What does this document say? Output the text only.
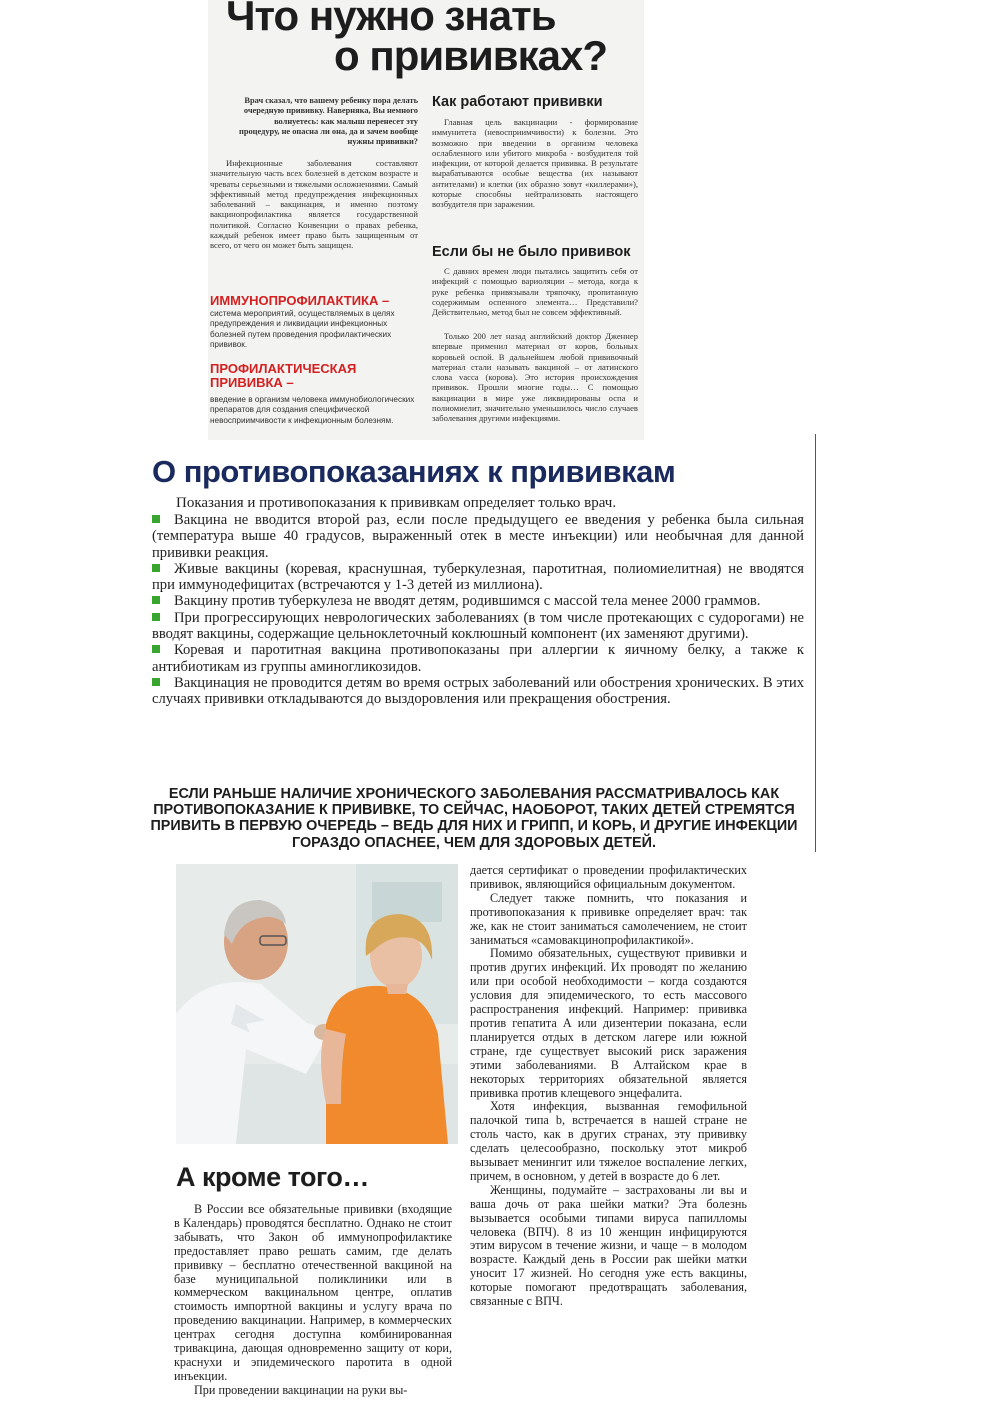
Что нужно знать
о прививках?
Врач сказал, что вашему ребенку пора делать очередную прививку. Наверняка, Вы немного волнуетесь: как малыш перенесет эту процедуру, не опасна ли она, да и зачем вообще нужны прививки?
Инфекционные заболевания составляют значительную часть всех болезней в детском возрасте и чреваты серьезными и тяжелыми осложнениями. Самый эффективный метод предупреждения инфекционных заболеваний – вакцинация, и именно поэтому вакцинопрофилактика является государственной политикой. Согласно Конвенции о правах ребенка, каждый ребенок имеет право быть защищенным от всего, от чего он может быть защищен.
ИММУНОПРОФИЛАКТИКА –
система мероприятий, осуществляемых в целях предупреждения и ликвидации инфекционных болезней путем проведения профилактических прививок.
ПРОФИЛАКТИЧЕСКАЯ ПРИВИВКА –
введение в организм человека иммунобиологических препаратов для создания специфической невосприимчивости к инфекционным болезням.
Как работают прививки
Главная цель вакцинации - формирование иммунитета (невосприимчивости) к болезни. Это возможно при введении в организм человека ослабленного или убитого микроба - возбудителя той инфекции, от которой делается прививка. В результате вырабатываются особые вещества (их называют антителами) и клетки (их образно зовут «киллерами»), которые способны нейтрализовать настоящего возбудителя при заражении.
Если бы не было прививок
С давних времен люди пытались защитить себя от инфекций с помощью вариоляции – метода, когда к руке ребенка привязывали тряпочку, пропитанную содержимым оспенного элемента… Представили? Действительно, метод был не совсем эффективный.
Только 200 лет назад английский доктор Дженнер впервые применил материал от коров, больных коровьей оспой. В дальнейшем любой прививочный материал стали называть вакциной – от латинского слова vacca (корова). Это история происхождения прививок. Прошли многие годы… С помощью вакцинации в мире уже ликвидированы оспа и полиомиелит, значительно уменьшилось число случаев заболевания другими инфекциями.
О противопоказаниях к прививкам
Показания и противопоказания к прививкам определяет только врач.
Вакцина не вводится второй раз, если после предыдущего ее введения у ребенка была сильная (температура выше 40 градусов, выраженный отек в месте инъекции) или необычная для данной прививки реакция.
Живые вакцины (коревая, краснушная, туберкулезная, паротитная, полиомиелитная) не вводятся при иммунодефицитах (встречаются у 1-3 детей из миллиона).
Вакцину против туберкулеза не вводят детям, родившимся с массой тела менее 2000 граммов.
При прогрессирующих неврологических заболеваниях (в том числе протекающих с судорогами) не вводят вакцины, содержащие цельноклеточный коклюшный компонент (их заменяют другими).
Коревая и паротитная вакцина противопоказаны при аллергии к яичному белку, а также к антибиотикам из группы аминогликозидов.
Вакцинация не проводится детям во время острых заболеваний или обострения хронических. В этих случаях прививки откладываются до выздоровления или прекращения обострения.
ЕСЛИ РАНЬШЕ НАЛИЧИЕ ХРОНИЧЕСКОГО ЗАБОЛЕВАНИЯ РАССМАТРИВАЛОСЬ КАК ПРОТИВОПОКАЗАНИЕ К ПРИВИВКЕ, ТО СЕЙЧАС, НАОБОРОТ, ТАКИХ ДЕТЕЙ СТРЕМЯТСЯ ПРИВИТЬ В ПЕРВУЮ ОЧЕРЕДЬ – ВЕДЬ ДЛЯ НИХ И ГРИПП, И КОРЬ, И ДРУГИЕ ИНФЕКЦИИ ГОРАЗДО ОПАСНЕЕ, ЧЕМ ДЛЯ ЗДОРОВЫХ ДЕТЕЙ.
А кроме того…

В России все обязательные прививки (входящие в Календарь) проводятся бесплатно. Однако не стоит забывать, что Закон об иммунопрофилактике предоставляет право решать самим, где делать прививку – бесплатно отечественной вакциной на базе муниципальной поликлиники или в коммерческом вакцинальном центре, оплатив стоимость импортной вакцины и услугу врача по проведению вакцинации. Например, в коммерческих центрах сегодня доступна комбинированная тривакцина, дающая одновременно защиту от кори, краснухи и эпидемического паротита в одной инъекции.

При проведении вакцинации на руки вы-

дается сертификат о проведении профилактических прививок, являющийся официальным документом.

Следует также помнить, что показания и противопоказания к прививке определяет врач: так же, как не стоит заниматься самолечением, не стоит заниматься «самовакцинопрофилактикой».

Помимо обязательных, существуют прививки и против других инфекций. Их проводят по желанию или при особой необходимости – когда создаются условия для эпидемического, то есть массового распространения инфекций. Например: прививка против гепатита А или дизентерии показана, если планируется отдых в детском лагере или южной стране, где существует высокий риск заражения этими заболеваниями. В Алтайском крае в некоторых территориях обязательной является прививка против клещевого энцефалита.

Хотя инфекция, вызванная гемофильной палочкой типа b, встречается в нашей стране не столь часто, как в других странах, эту прививку сделать целесообразно, поскольку этот микроб вызывает менингит или тяжелое воспаление легких, причем, в основном, у детей в возрасте до 6 лет.

Женщины, подумайте – застрахованы ли вы и ваша дочь от рака шейки матки? Эта болезнь вызывается особыми типами вируса папилломы человека (ВПЧ). 8 из 10 женщин инфицируются этим вирусом в течение жизни, и чаще – в молодом возрасте. Каждый день в России рак шейки матки уносит 17 жизней. Но сегодня уже есть вакцины, которые помогают предотвращать заболевания, связанные с ВПЧ.
